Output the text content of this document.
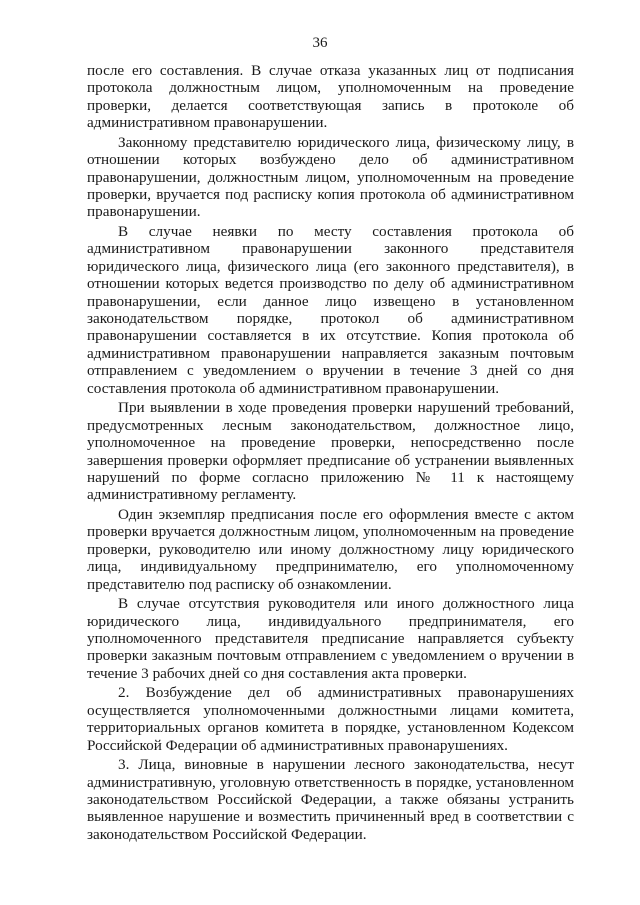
36

после его составления. В случае отказа указанных лиц от подписания протокола должностным лицом, уполномоченным на проведение проверки, делается соответствующая запись в протоколе об административном правонарушении.

Законному представителю юридического лица, физическому лицу, в отношении которых возбуждено дело об административном правонарушении, должностным лицом, уполномоченным на проведение проверки, вручается под расписку копия протокола об административном правонарушении.

В случае неявки по месту составления протокола об административном правонарушении законного представителя юридического лица, физического лица (его законного представителя), в отношении которых ведется производство по делу об административном правонарушении, если данное лицо извещено в установленном законодательством порядке, протокол об административном правонарушении составляется в их отсутствие. Копия протокола об административном правонарушении направляется заказным почтовым отправлением с уведомлением о вручении в течение 3 дней со дня составления протокола об административном правонарушении.

При выявлении в ходе проведения проверки нарушений требований, предусмотренных лесным законодательством, должностное лицо, уполномоченное на проведение проверки, непосредственно после завершения проверки оформляет предписание об устранении выявленных нарушений по форме согласно приложению № 11 к настоящему административному регламенту.

Один экземпляр предписания после его оформления вместе с актом проверки вручается должностным лицом, уполномоченным на проведение проверки, руководителю или иному должностному лицу юридического лица, индивидуальному предпринимателю, его уполномоченному представителю под расписку об ознакомлении.

В случае отсутствия руководителя или иного должностного лица юридического лица, индивидуального предпринимателя, его уполномоченного представителя предписание направляется субъекту проверки заказным почтовым отправлением с уведомлением о вручении в течение 3 рабочих дней со дня составления акта проверки.

2. Возбуждение дел об административных правонарушениях осуществляется уполномоченными должностными лицами комитета, территориальных органов комитета в порядке, установленном Кодексом Российской Федерации об административных правонарушениях.

3. Лица, виновные в нарушении лесного законодательства, несут административную, уголовную ответственность в порядке, установленном законодательством Российской Федерации, а также обязаны устранить выявленное нарушение и возместить причиненный вред в соответствии с законодательством Российской Федерации.
